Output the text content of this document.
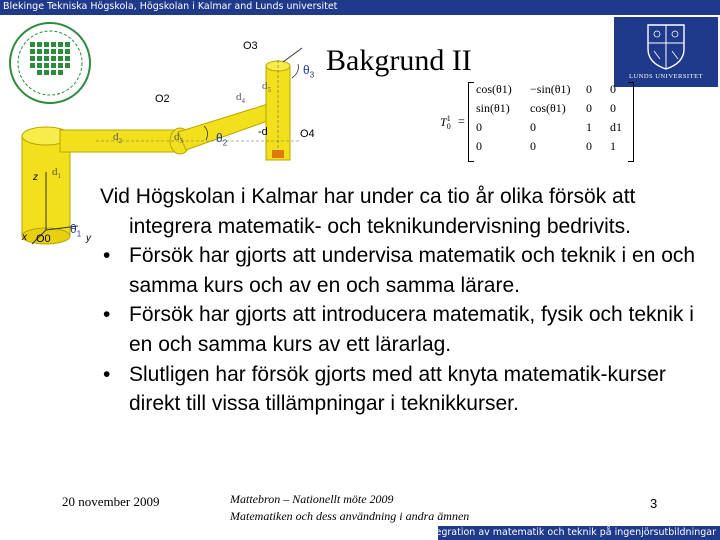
Blekinge Tekniska Högskola, Högskolan i Kalmar and Lunds universitet
LUNDS UNIVERSITET
O3
O2
O4
O0
$d_5$
$d_4$
$d_2$	$d_3$
$d_1$
-d
$\theta_3$
$\theta_2$
$\theta_1$
z
y
x
Bakgrund II
$T^1_0$ =
cos(θ1) −sin(θ1) 0 0
sin(θ1) cos(θ1) 0 0
0	0	1 d1
0	0	0 1
Vid Högskolan i Kalmar har under ca tio år olika försök att integrera matematik- och teknikundervisning bedrivits.
• Försök har gjorts att undervisa matematik och teknik i en och samma kurs och av en och samma lärare.
• Försök har gjorts att introducera matematik, fysik och teknik i en och samma kurs av ett lärarlag.
• Slutligen har försök gjorts med att knyta matematik-kurser direkt till vissa tillämpningar i teknikkurser.
20 november 2009	Mattebron – Nationellt möte 2009
Matematiken och dess användning i andra ämnen
3
Integration av matematik och teknik på ingenjörsutbildningar
